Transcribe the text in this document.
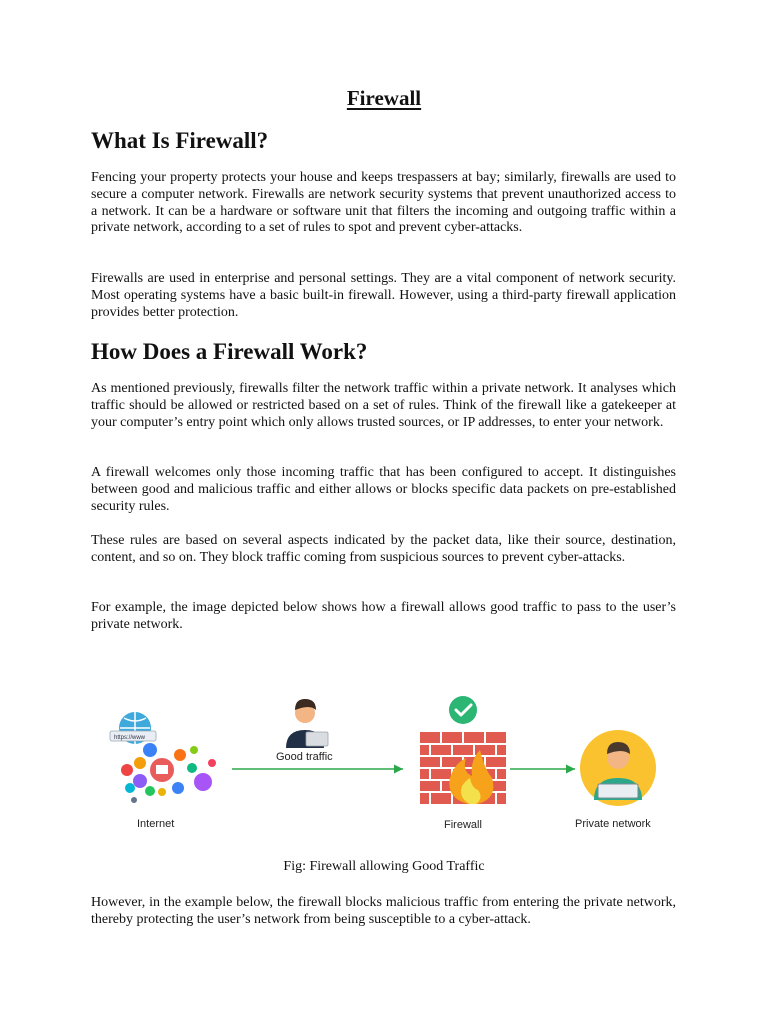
Firewall
What Is Firewall?

Fencing your property protects your house and keeps trespassers at bay; similarly, firewalls are used to secure a computer network. Firewalls are network security systems that prevent unauthorized access to a network. It can be a hardware or software unit that filters the incoming and outgoing traffic within a private network, according to a set of rules to spot and prevent cyber-attacks.

Firewalls are used in enterprise and personal settings. They are a vital component of network security. Most operating systems have a basic built-in firewall. However, using a third-party firewall application provides better protection.

How Does a Firewall Work?

As mentioned previously, firewalls filter the network traffic within a private network. It analyses which traffic should be allowed or restricted based on a set of rules. Think of the firewall like a gatekeeper at your computer’s entry point which only allows trusted sources, or IP addresses, to enter your network.

A firewall welcomes only those incoming traffic that has been configured to accept. It distinguishes between good and malicious traffic and either allows or blocks specific data packets on pre-established security rules.

These rules are based on several aspects indicated by the packet data, like their source, destination, content, and so on. They block traffic coming from suspicious sources to prevent cyber-attacks.

For example, the image depicted below shows how a firewall allows good traffic to pass to the user’s private network.

https://www
Internet
Good traffic
Firewall	Private network
Fig: Firewall allowing Good Traffic

However, in the example below, the firewall blocks malicious traffic from entering the private network, thereby protecting the user’s network from being susceptible to a cyber-attack.
